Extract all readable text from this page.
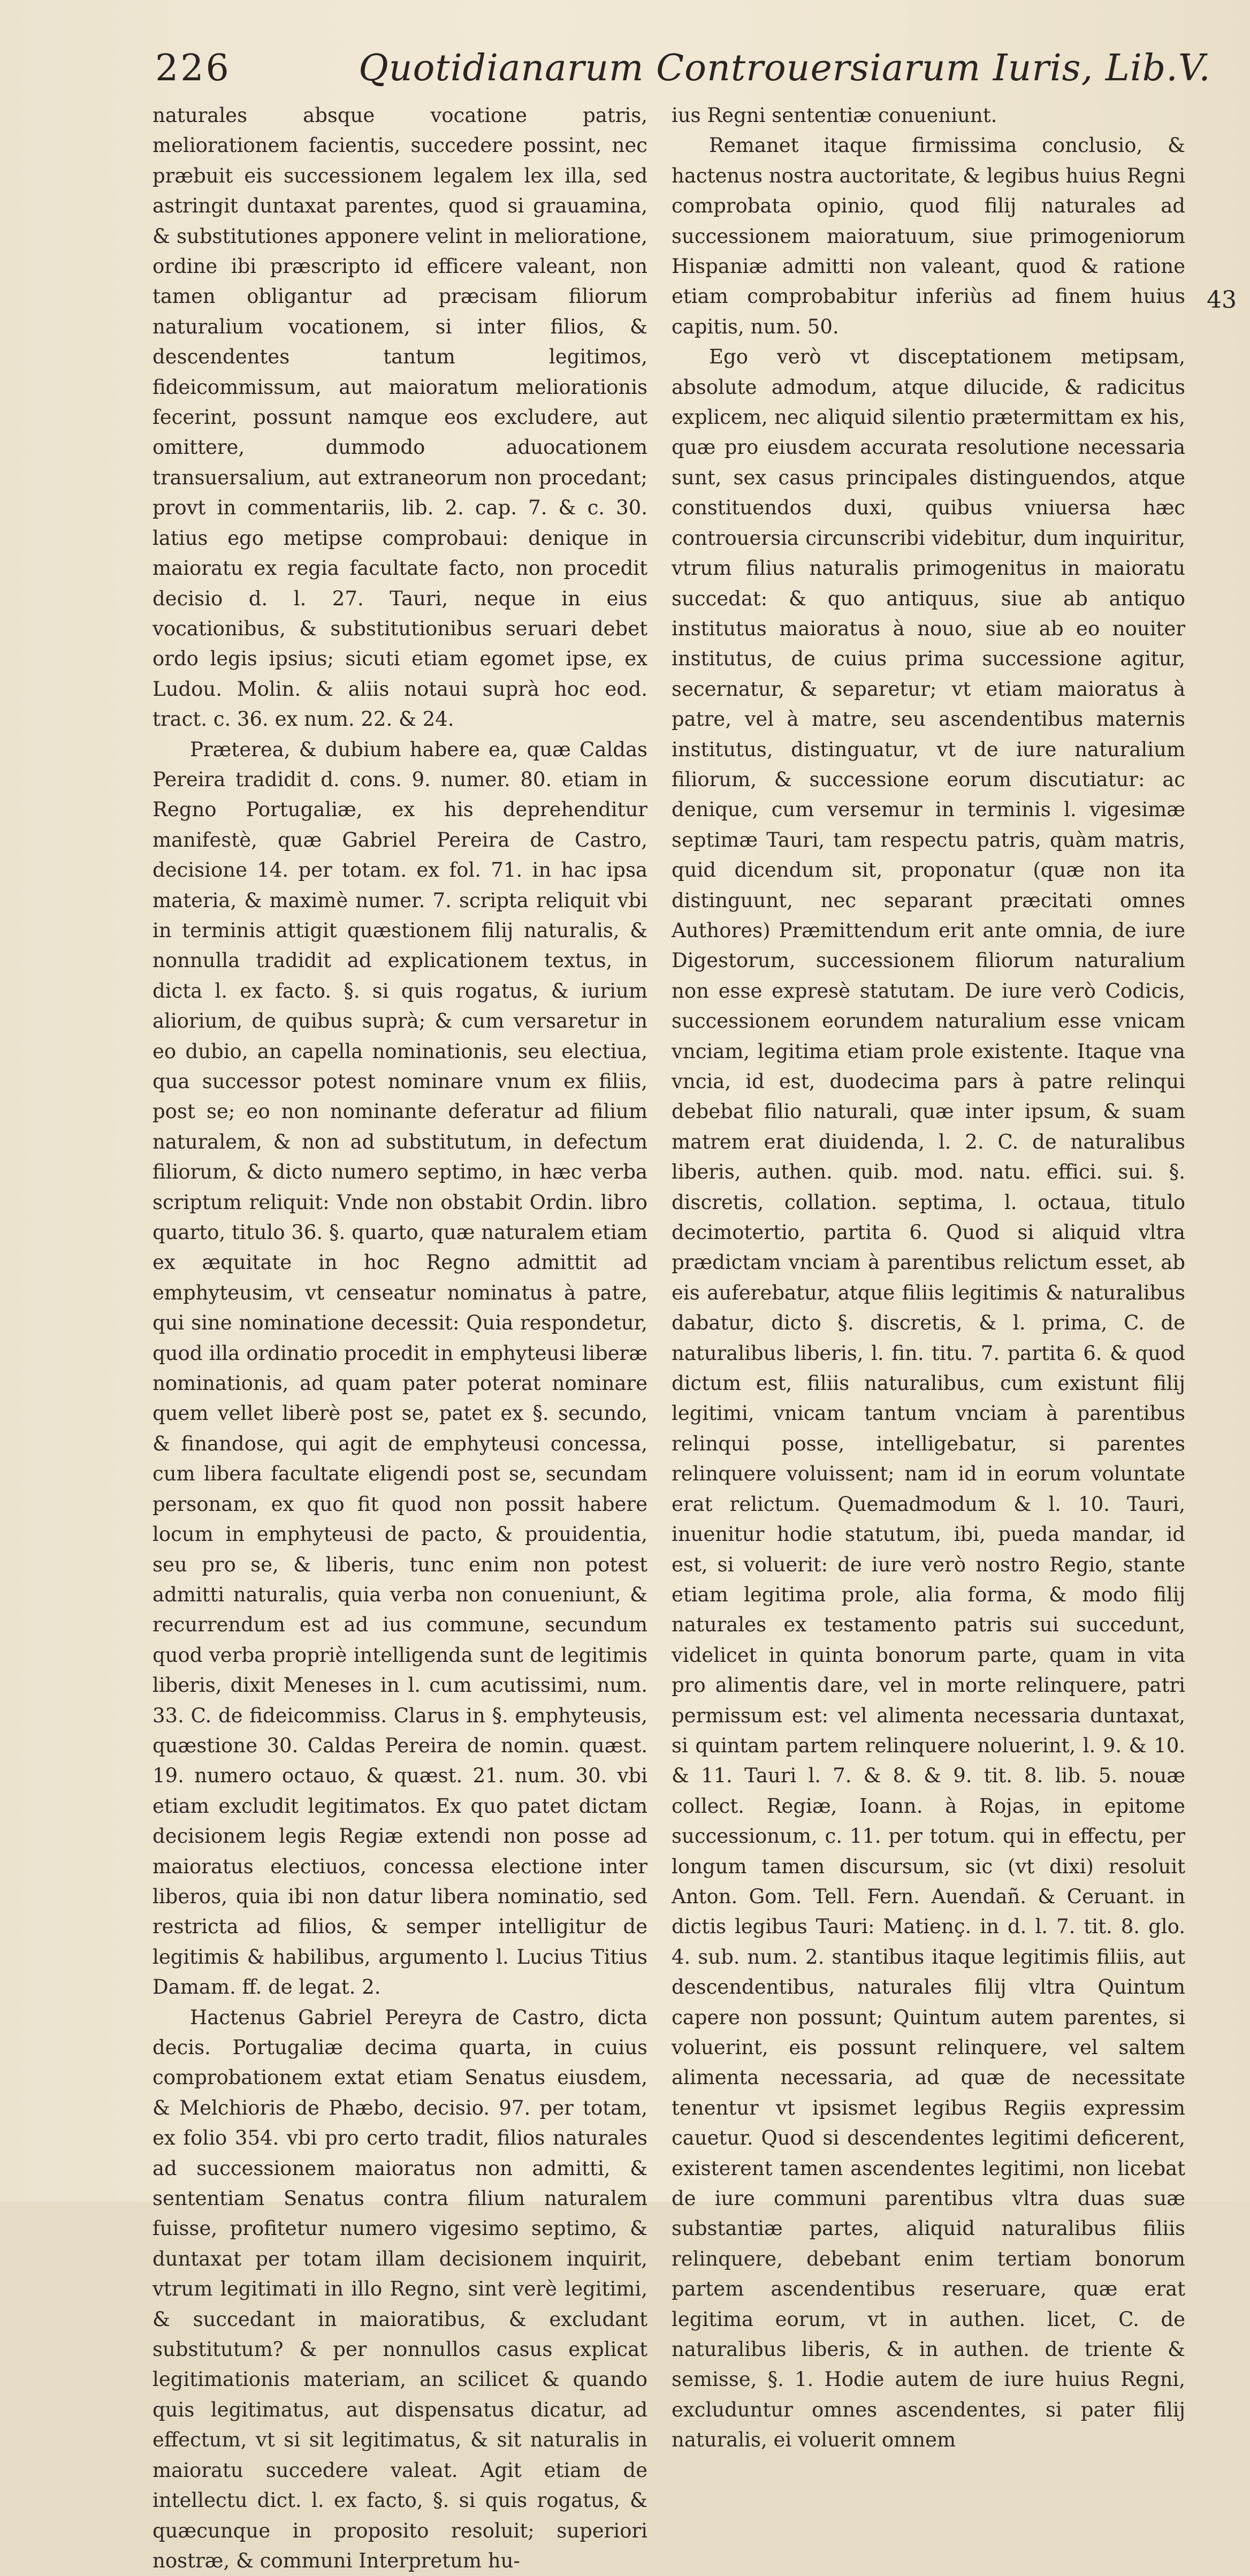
226	Quotidianarum Controuersiarum Iuris, Lib.V.
43

naturales absque vocatione patris, meliorationem facientis, succedere possint, nec præbuit eis successionem legalem lex illa, sed astringit duntaxat parentes, quod si grauamina, & substitutiones apponere velint in melioratione, ordine ibi præscripto id efficere valeant, non tamen obligantur ad præcisam filiorum naturalium vocationem, si inter filios, & descendentes tantum legitimos, fideicommissum, aut maioratum meliorationis fecerint, possunt namque eos excludere, aut omittere, dummodo aduocationem transuersalium, aut extraneorum non procedant; provt in commentariis, lib. 2. cap. 7. & c. 30. latius ego metipse comprobaui: denique in maioratu ex regia facultate facto, non procedit decisio d. l. 27. Tauri, neque in eius vocationibus, & substitutionibus seruari debet ordo legis ipsius; sicuti etiam egomet ipse, ex Ludou. Molin. & aliis notaui suprà hoc eod. tract. c. 36. ex num. 22. & 24.

Præterea, & dubium habere ea, quæ Caldas Pereira tradidit d. cons. 9. numer. 80. etiam in Regno Portugaliæ, ex his deprehenditur manifestè, quæ Gabriel Pereira de Castro, decisione 14. per totam. ex fol. 71. in hac ipsa materia, & maximè numer. 7. scripta reliquit vbi in terminis attigit quæstionem filij naturalis, & nonnulla tradidit ad explicationem textus, in dicta l. ex facto. §. si quis rogatus, & iurium aliorium, de quibus suprà; & cum versaretur in eo dubio, an capella nominationis, seu electiua, qua successor potest nominare vnum ex filiis, post se; eo non nominante deferatur ad filium naturalem, & non ad substitutum, in defectum filiorum, & dicto numero septimo, in hæc verba scriptum reliquit: Vnde non obstabit Ordin. libro quarto, titulo 36. §. quarto, quæ naturalem etiam ex æquitate in hoc Regno admittit ad emphyteusim, vt censeatur nominatus à patre, qui sine nominatione decessit: Quia respondetur, quod illa ordinatio procedit in emphyteusi liberæ nominationis, ad quam pater poterat nominare quem vellet liberè post se, patet ex §. secundo, & finandose, qui agit de emphyteusi concessa, cum libera facultate eligendi post se, secundam personam, ex quo fit quod non possit habere locum in emphyteusi de pacto, & prouidentia, seu pro se, & liberis, tunc enim non potest admitti naturalis, quia verba non conueniunt, & recurrendum est ad ius commune, secundum quod verba propriè intelligenda sunt de legitimis liberis, dixit Meneses in l. cum acutissimi, num. 33. C. de fideicommiss. Clarus in §. emphyteusis, quæstione 30. Caldas Pereira de nomin. quæst. 19. numero octauo, & quæst. 21. num. 30. vbi etiam excludit legitimatos. Ex quo patet dictam decisionem legis Regiæ extendi non posse ad maioratus electiuos, concessa electione inter liberos, quia ibi non datur libera nominatio, sed restricta ad filios, & semper intelligitur de legitimis & habilibus, argumento l. Lucius Titius Damam. ff. de legat. 2.

Hactenus Gabriel Pereyra de Castro, dicta decis. Portugaliæ decima quarta, in cuius comprobationem extat etiam Senatus eiusdem, & Melchioris de Phæbo, decisio. 97. per totam, ex folio 354. vbi pro certo tradit, filios naturales ad successionem maioratus non admitti, & sententiam Senatus contra filium naturalem fuisse, profitetur numero vigesimo septimo, & duntaxat per totam illam decisionem inquirit, vtrum legitimati in illo Regno, sint verè legitimi, & succedant in maioratibus, & excludant substitutum? & per nonnullos casus explicat legitimationis materiam, an scilicet & quando quis legitimatus, aut dispensatus dicatur, ad effectum, vt si sit legitimatus, & sit naturalis in maioratu succedere valeat. Agit etiam de intellectu dict. l. ex facto, §. si quis rogatus, & quæcunque in proposito resoluit; superiori nostræ, & communi Interpretum hu-

ius Regni sententiæ conueniunt.

Remanet itaque firmissima conclusio, & hactenus nostra auctoritate, & legibus huius Regni comprobata opinio, quod filij naturales ad successionem maioratuum, siue primogeniorum Hispaniæ admitti non valeant, quod & ratione etiam comprobabitur inferiùs ad finem huius capitis, num. 50.

Ego verò vt disceptationem metipsam, absolute admodum, atque dilucide, & radicitus explicem, nec aliquid silentio prætermittam ex his, quæ pro eiusdem accurata resolutione necessaria sunt, sex casus principales distinguendos, atque constituendos duxi, quibus vniuersa hæc controuersia circunscribi videbitur, dum inquiritur, vtrum filius naturalis primogenitus in maioratu succedat: & quo antiquus, siue ab antiquo institutus maioratus à nouo, siue ab eo nouiter institutus, de cuius prima successione agitur, secernatur, & separetur; vt etiam maioratus à patre, vel à matre, seu ascendentibus maternis institutus, distinguatur, vt de iure naturalium filiorum, & successione eorum discutiatur: ac denique, cum versemur in terminis l. vigesimæ septimæ Tauri, tam respectu patris, quàm matris, quid dicendum sit, proponatur (quæ non ita distinguunt, nec separant præcitati omnes Authores) Præmittendum erit ante omnia, de iure Digestorum, successionem filiorum naturalium non esse expresè statutam. De iure verò Codicis, successionem eorundem naturalium esse vnicam vnciam, legitima etiam prole existente. Itaque vna vncia, id est, duodecima pars à patre relinqui debebat filio naturali, quæ inter ipsum, & suam matrem erat diuidenda, l. 2. C. de naturalibus liberis, authen. quib. mod. natu. effici. sui. §. discretis, collation. septima, l. octaua, titulo decimotertio, partita 6. Quod si aliquid vltra prædictam vnciam à parentibus relictum esset, ab eis auferebatur, atque filiis legitimis & naturalibus dabatur, dicto §. discretis, & l. prima, C. de naturalibus liberis, l. fin. titu. 7. partita 6. & quod dictum est, filiis naturalibus, cum existunt filij legitimi, vnicam tantum vnciam à parentibus relinqui posse, intelligebatur, si parentes relinquere voluissent; nam id in eorum voluntate erat relictum. Quemadmodum & l. 10. Tauri, inuenitur hodie statutum, ibi, pueda mandar, id est, si voluerit: de iure verò nostro Regio, stante etiam legitima prole, alia forma, & modo filij naturales ex testamento patris sui succedunt, videlicet in quinta bonorum parte, quam in vita pro alimentis dare, vel in morte relinquere, patri permissum est: vel alimenta necessaria duntaxat, si quintam partem relinquere noluerint, l. 9. & 10. & 11. Tauri l. 7. & 8. & 9. tit. 8. lib. 5. nouæ collect. Regiæ, Ioann. à Rojas, in epitome successionum, c. 11. per totum. qui in effectu, per longum tamen discursum, sic (vt dixi) resoluit Anton. Gom. Tell. Fern. Auendañ. & Ceruant. in dictis legibus Tauri: Matienç. in d. l. 7. tit. 8. glo. 4. sub. num. 2. stantibus itaque legitimis filiis, aut descendentibus, naturales filij vltra Quintum capere non possunt; Quintum autem parentes, si voluerint, eis possunt relinquere, vel saltem alimenta necessaria, ad quæ de necessitate tenentur vt ipsismet legibus Regiis expressim cauetur. Quod si descendentes legitimi deficerent, existerent tamen ascendentes legitimi, non licebat de iure communi parentibus vltra duas suæ substantiæ partes, aliquid naturalibus filiis relinquere, debebant enim tertiam bonorum partem ascendentibus reseruare, quæ erat legitima eorum, vt in authen. licet, C. de naturalibus liberis, & in authen. de triente & semisse, §. 1. Hodie autem de iure huius Regni, excluduntur omnes ascendentes, si pater filij naturalis, ei voluerit omnem
